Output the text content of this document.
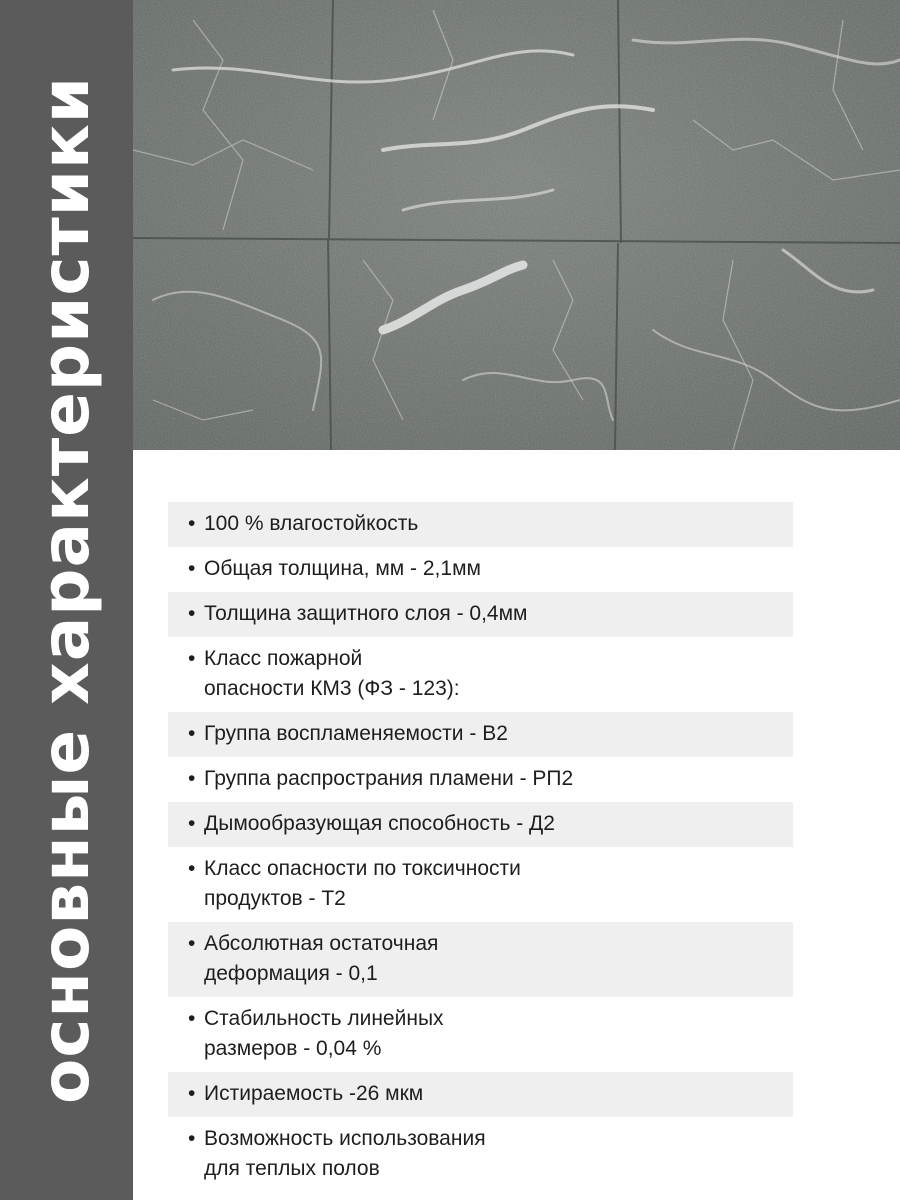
основные характеристики	• 100 % влагостойкость
• Общая толщина, мм - 2,1мм
• Толщина защитного слоя - 0,4мм
• Класс пожарной
опасности КМ3 (ФЗ - 123):
• Группа воспламеняемости - В2
• Группа распространия пламени - РП2
• Дымообразующая способность - Д2
• Класс опасности по токсичности
продуктов - Т2
• Абсолютная остаточная
деформация - 0,1
• Стабильность линейных
размеров - 0,04 %
• Истираемость -26 мкм
• Возможность использования
для теплых полов
